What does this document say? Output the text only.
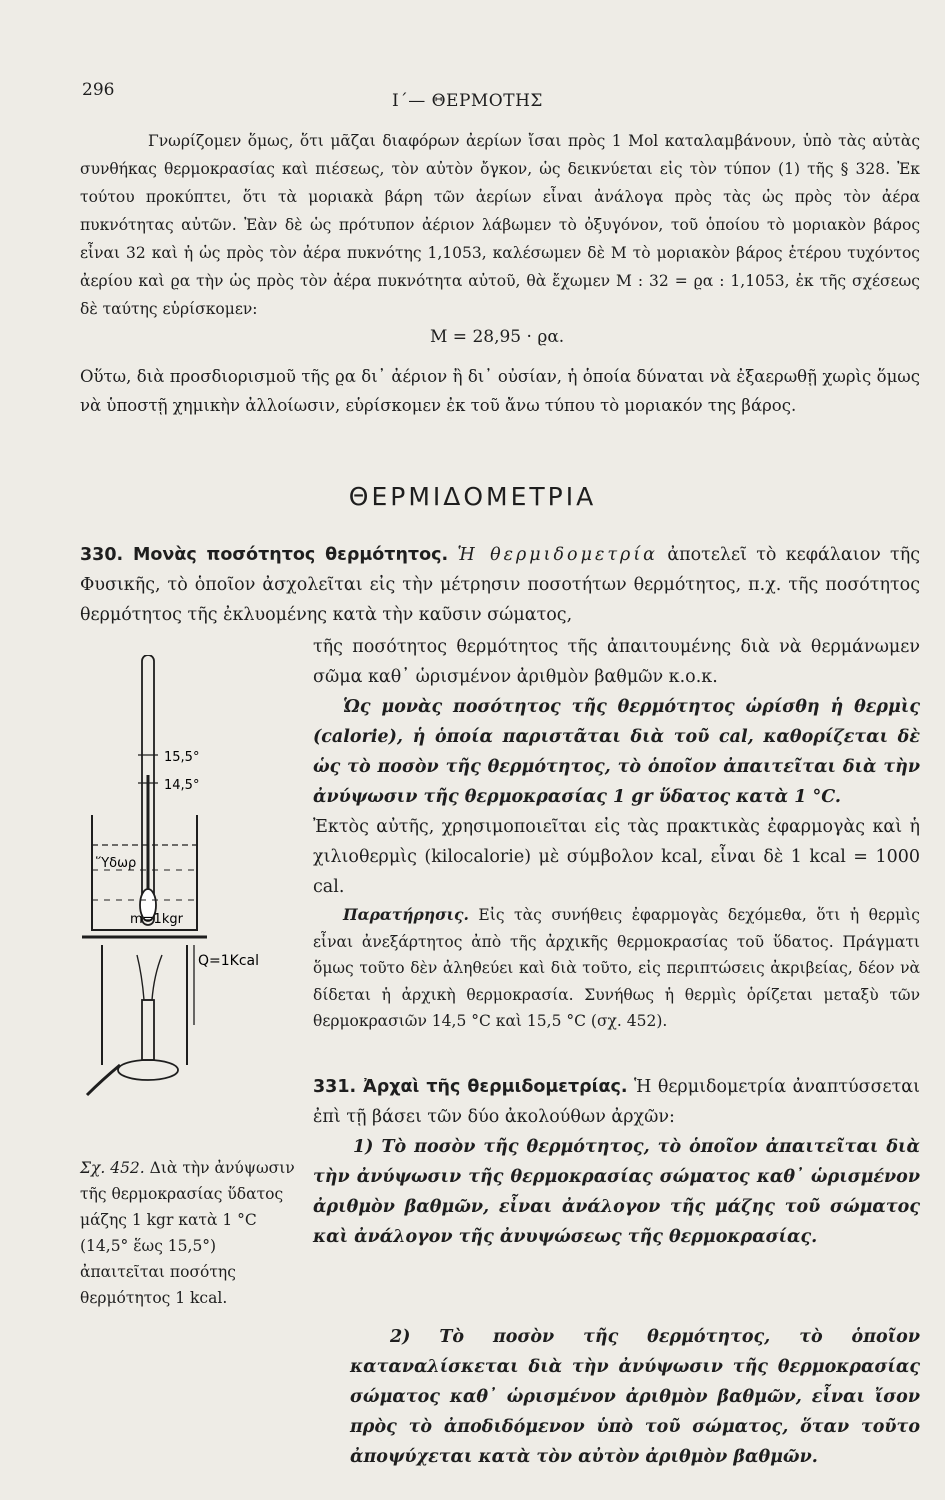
296
Ι΄— ΘΕΡΜΟΤΗΣ

Γνωρίζομεν ὅμως, ὅτι μᾶζαι διαφόρων ἀερίων ἴσαι πρὸς 1 Mol καταλαμβάνουν, ὑπὸ τὰς αὐτὰς συνθήκας θερμοκρασίας καὶ πιέσεως, τὸν αὐτὸν ὄγκον, ὡς δεικνύεται εἰς τὸν τύπον (1) τῆς § 328. Ἐκ τούτου προκύπτει, ὅτι τὰ μοριακὰ βάρη τῶν ἀερίων εἶναι ἀνάλογα πρὸς τὰς ὡς πρὸς τὸν ἀέρα πυκνότητας αὐτῶν. Ἐὰν δὲ ὡς πρότυπον ἀέριον λάβωμεν τὸ ὀξυγόνον, τοῦ ὁποίου τὸ μοριακὸν βάρος εἶναι 32 καὶ ἡ ὡς πρὸς τὸν ἀέρα πυκνότης 1,1053, καλέσωμεν δὲ Μ τὸ μοριακὸν βάρος ἑτέρου τυχόντος ἀερίου καὶ ϱα τὴν ὡς πρὸς τὸν ἀέρα πυκνότητα αὐτοῦ, θὰ ἔχωμεν Μ : 32 = ϱα : 1,1053, ἐκ τῆς σχέσεως δὲ ταύτης εὑρίσκομεν:

Μ = 28,95 · ϱα.
Οὕτω, διὰ προσδιορισμοῦ τῆς ϱα δι᾽ ἀέριον ἢ δι᾽ οὐσίαν, ἡ ὁποία δύναται νὰ ἐξαερωθῇ χωρὶς ὅμως νὰ ὑποστῇ χημικὴν ἀλλοίωσιν, εὑρίσκομεν ἐκ τοῦ ἄνω τύπου τὸ μοριακόν της βάρος.
ΘΕΡΜΙΔΟΜΕΤΡΙΑ
330. Μονὰς ποσότητος θερμότητος. Ἡ θερμιδομετρία ἀποτελεῖ τὸ κεφάλαιον τῆς Φυσικῆς, τὸ ὁποῖον ἀσχολεῖται εἰς τὴν μέτρησιν ποσοτήτων θερμότητος, π.χ. τῆς ποσότητος θερμότητος τῆς ἐκλυομένης κατὰ τὴν καῦσιν σώματος,

τῆς ποσότητος θερμότητος τῆς ἀπαιτουμένης διὰ νὰ θερμάνωμεν σῶμα καθ᾽ ὡρισμένον ἀριθμὸν βαθμῶν κ.ο.κ.

Ὡς μονὰς ποσότητος τῆς θερμότητος ὡρίσθη ἡ θερμὶς (calorie), ἡ ὁποία παριστᾶται διὰ τοῦ cal, καθορίζεται δὲ ὡς τὸ ποσὸν τῆς θερμότητος, τὸ ὁποῖον ἀπαιτεῖται διὰ τὴν ἀνύψωσιν τῆς θερμοκρασίας 1 gr ὕδατος κατὰ 1 °C.

Ἐκτὸς αὐτῆς, χρησιμοποιεῖται εἰς τὰς πρακτικὰς ἐφαρμογὰς καὶ ἡ χιλιοθερμὶς (kilocalorie) μὲ σύμβολον kcal, εἶναι δὲ 1 kcal = 1000 cal.

Παρατήρησις. Εἰς τὰς συνήθεις ἐφαρμογὰς δεχόμεθα, ὅτι ἡ θερμὶς εἶναι ἀνεξάρτητος ἀπὸ τῆς ἀρχικῆς θερμοκρασίας τοῦ ὕδατος. Πράγματι ὅμως τοῦτο δὲν ἀληθεύει καὶ διὰ τοῦτο, εἰς περιπτώσεις ἀκριβείας, δέον νὰ δίδεται ἡ ἀρχικὴ θερμοκρασία. Συνήθως ἡ θερμὶς ὁρίζεται μεταξὺ τῶν θερμοκρασιῶν 14,5 °C καὶ 15,5 °C (σχ. 452).

15,5°
14,5°
Ὕδωρ
m=1kgr
Q=1Kcal
Σχ. 452. Διὰ τὴν ἀνύψωσιν τῆς θερμοκρασίας ὕδατος μάζης 1 kgr κατὰ 1 °C (14,5° ἕως 15,5°) ἀπαιτεῖται ποσότης θερμότητος 1 kcal.

331. Ἀρχαὶ τῆς θερμιδομετρίας. Ἡ θερμιδομετρία ἀναπτύσσεται ἐπὶ τῇ βάσει τῶν δύο ἀκολούθων ἀρχῶν:

1) Τὸ ποσὸν τῆς θερμότητος, τὸ ὁποῖον ἀπαιτεῖται διὰ τὴν ἀνύψωσιν τῆς θερμοκρασίας σώματος καθ᾽ ὡρισμένον ἀριθμὸν βαθμῶν, εἶναι ἀνάλογον τῆς μάζης τοῦ σώματος καὶ ἀνάλογον τῆς ἀνυψώσεως τῆς θερμοκρασίας.

2) Τὸ ποσὸν τῆς θερμότητος, τὸ ὁποῖον καταναλίσκεται διὰ τὴν ἀνύψωσιν τῆς θερμοκρασίας σώματος καθ᾽ ὡρισμένον ἀριθμὸν βαθμῶν, εἶναι ἴσον πρὸς τὸ ἀποδιδόμενον ὑπὸ τοῦ σώματος, ὅταν τοῦτο ἀποψύχεται κατὰ τὸν αὐτὸν ἀριθμὸν βαθμῶν.
